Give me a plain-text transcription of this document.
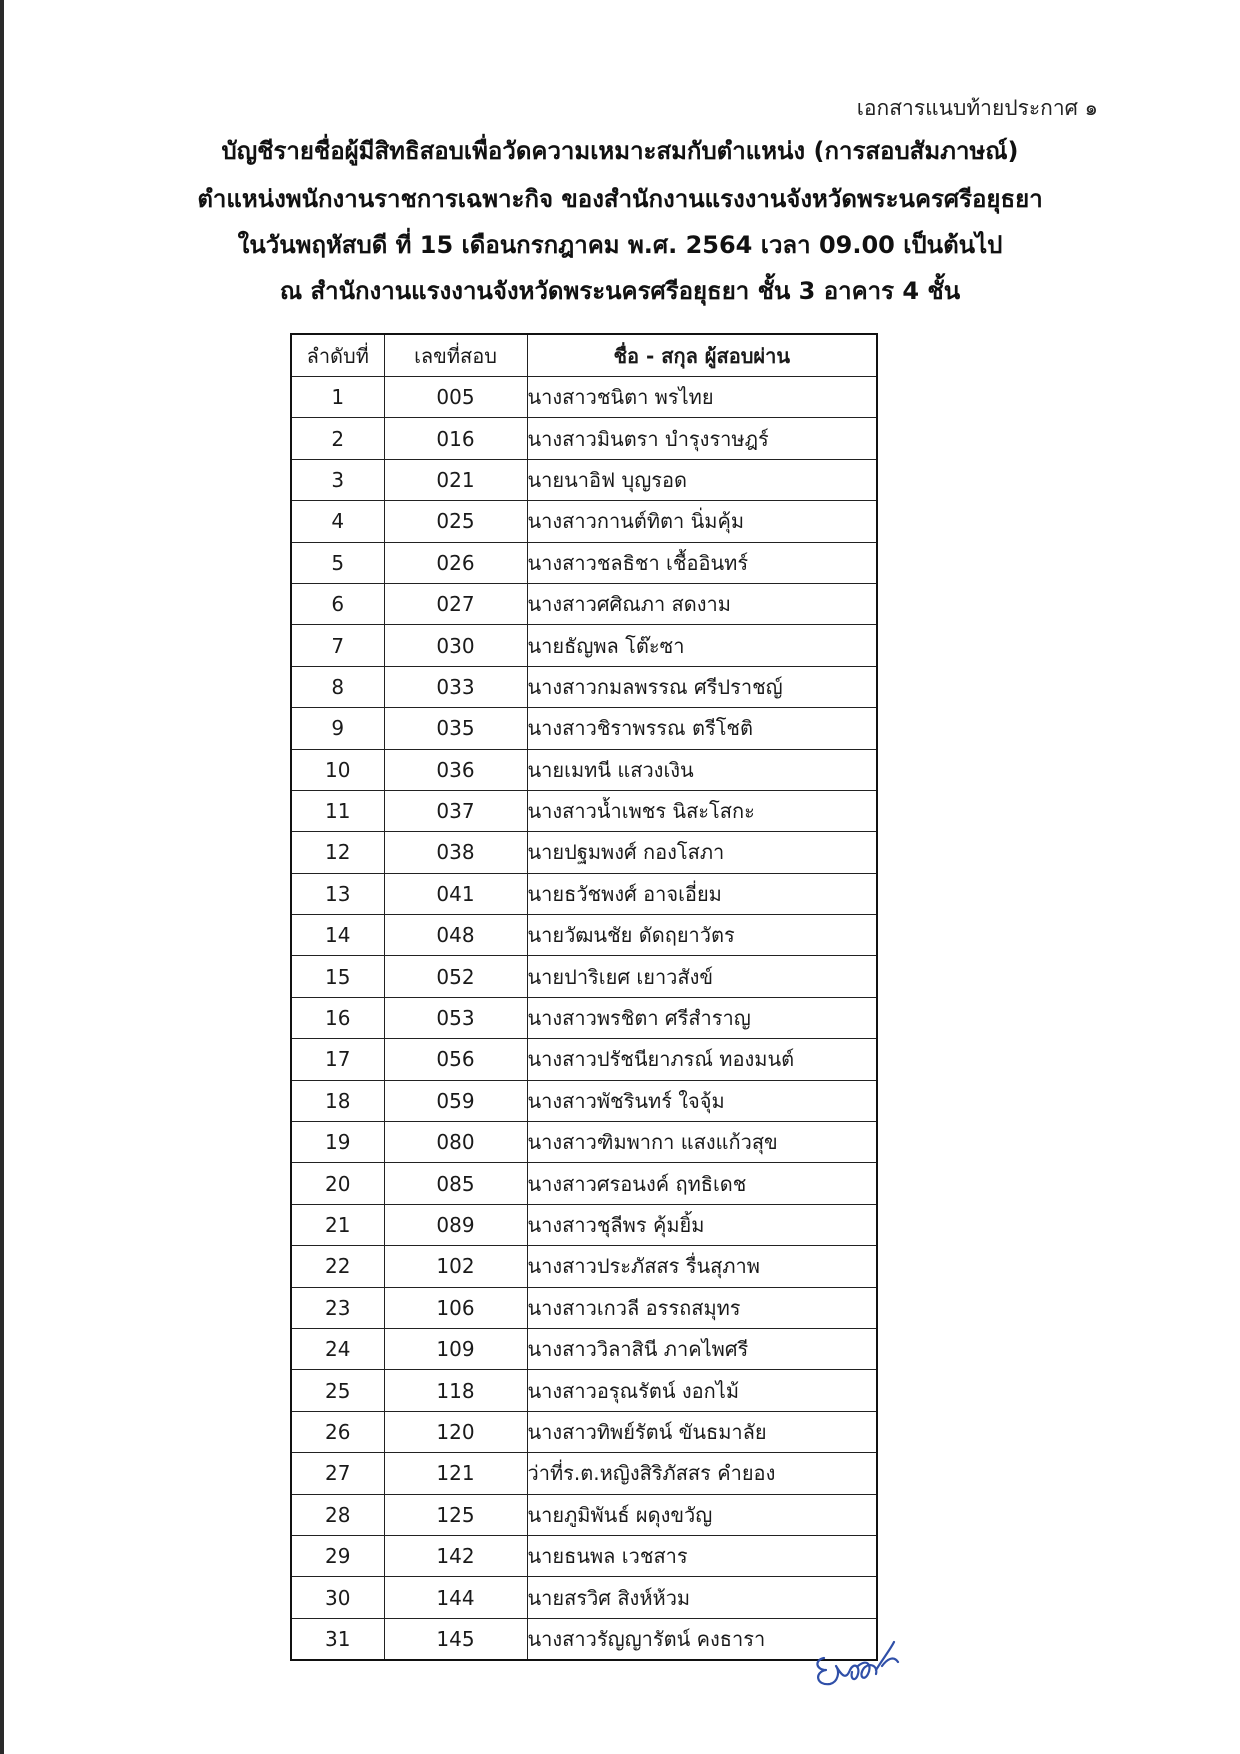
เอกสารแนบท้ายประกาศ ๑
บัญชีรายชื่อผู้มีสิทธิสอบเพื่อวัดความเหมาะสมกับตำแหน่ง (การสอบสัมภาษณ์)
ตำแหน่งพนักงานราชการเฉพาะกิจ ของสำนักงานแรงงานจังหวัดพระนครศรีอยุธยา
ในวันพฤหัสบดี ที่ 15 เดือนกรกฎาคม พ.ศ. 2564 เวลา 09.00 เป็นต้นไป
ณ สำนักงานแรงงานจังหวัดพระนครศรีอยุธยา ชั้น 3 อาคาร 4 ชั้น
ลำดับที่	เลขที่สอบ	ชื่อ - สกุล ผู้สอบผ่าน
1	005	นางสาวชนิตา พรไทย
2	016	นางสาวมินตรา บำรุงราษฎร์
3	021	นายนาอิฟ บุญรอด
4	025	นางสาวกานต์ทิตา นิ่มคุ้ม
5	026	นางสาวชลธิชา เชื้ออินทร์
6	027	นางสาวศศิณภา สดงาม
7	030	นายธัญพล โต๊ะซา
8	033	นางสาวกมลพรรณ ศรีปราชญ์
9	035	นางสาวชิราพรรณ ตรีโชติ
10	036	นายเมทนี แสวงเงิน
11	037	นางสาวน้ำเพชร นิสะโสกะ
12	038	นายปฐมพงศ์ กองโสภา
13	041	นายธวัชพงศ์ อาจเอี่ยม
14	048	นายวัฒนชัย ดัดฤยาวัตร
15	052	นายปาริเยศ เยาวสังข์
16	053	นางสาวพรชิตา ศรีสำราญ
17	056	นางสาวปรัชนียาภรณ์ ทองมนต์
18	059	นางสาวพัชรินทร์ ใจจุ้ม
19	080	นางสาวฑิมพากา แสงแก้วสุข
20	085	นางสาวศรอนงค์ ฤทธิเดช
21	089	นางสาวชุลีพร คุ้มยิ้ม
22	102	นางสาวประภัสสร รื่นสุภาพ
23	106	นางสาวเกวลี อรรถสมุทร
24	109	นางสาววิลาสินี ภาคไพศรี
25	118	นางสาวอรุณรัตน์ งอกไม้
26	120	นางสาวทิพย์รัตน์ ขันธมาลัย
27	121	ว่าที่ร.ต.หญิงสิริภัสสร คำยอง
28	125	นายภูมิพันธ์ ผดุงขวัญ
29	142	นายธนพล เวชสาร
30	144	นายสรวิศ สิงห์ห้วม
31	145	นางสาวรัญญารัตน์ คงธารา
